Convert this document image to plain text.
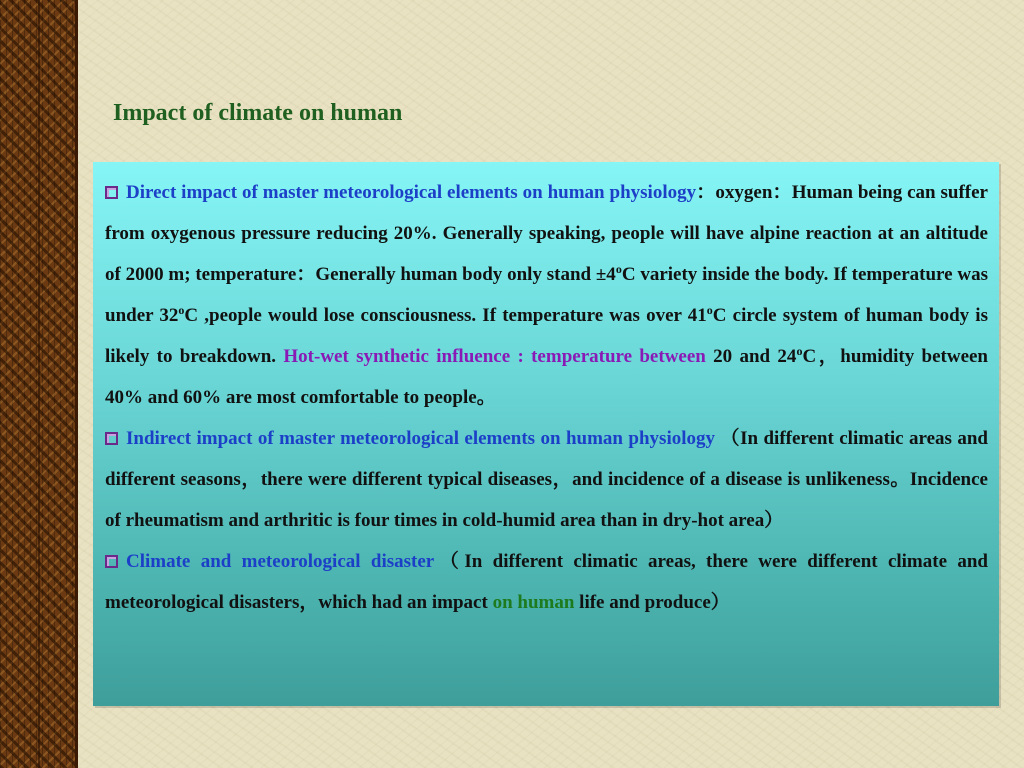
Impact of climate on human

Direct impact of master meteorological elements on human physiology：oxygen：Human being can suffer from oxygenous pressure reducing 20%. Generally speaking, people will have alpine reaction at an altitude of 2000 m; temperature：Generally human body only $stand \pm 4^oC$ variety inside the body. If temperature was under 32$^o$C ,people would lose consciousness. If temperature was over 41$^o$C circle system of human body is likely to breakdown. Hot-wet synthetic influence : temperature between 20 and 24$^o$C，humidity between 40% and 60% are most comfortable to people。

Indirect impact of master meteorological elements on human physiology （In different climatic areas and different seasons，there were different typical diseases，and incidence of a disease is unlikeness。Incidence of rheumatism and arthritic is four times in cold-humid area than in dry-hot area）

Climate and meteorological disaster（In different climatic areas, there were different climate and meteorological disasters，which had an impact on human life and produce）
